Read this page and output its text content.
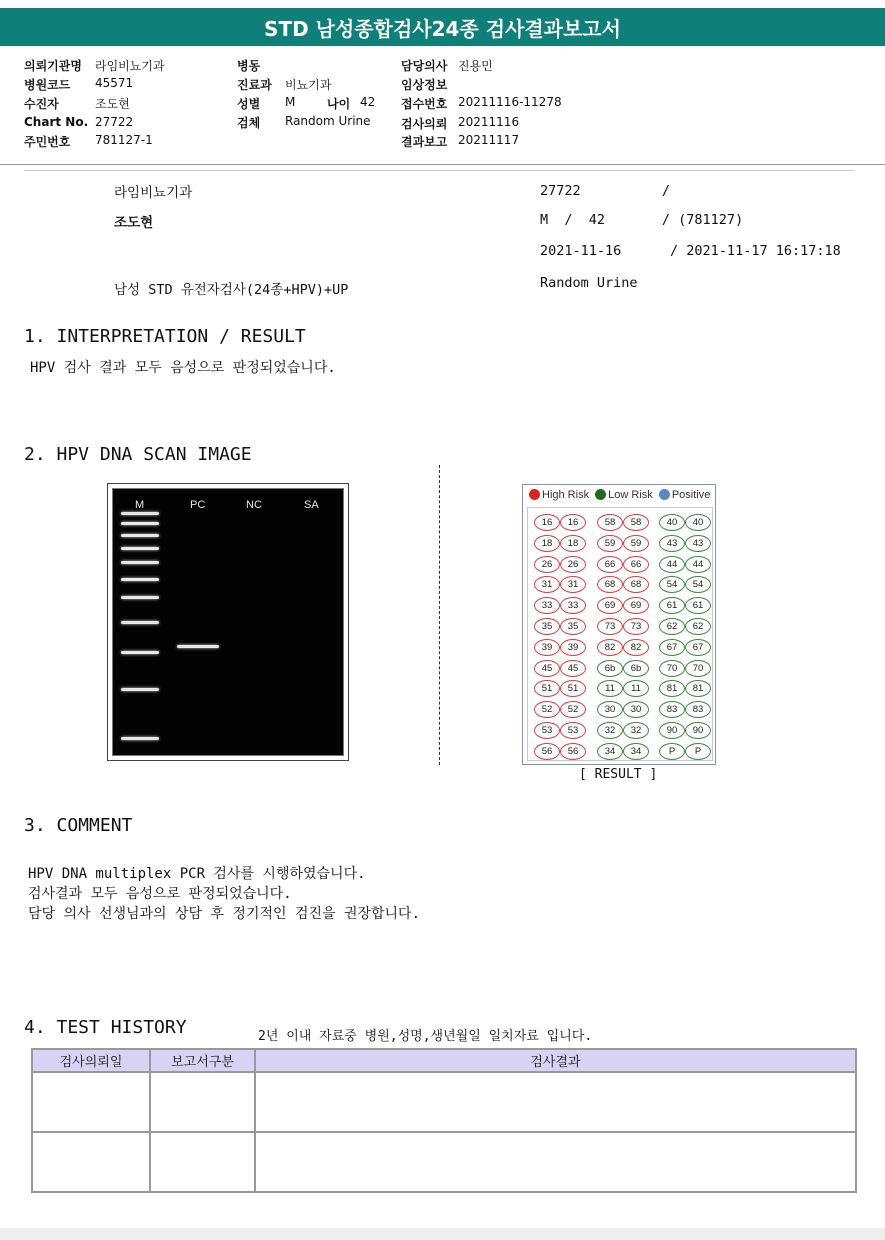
STD 남성종합검사24종 검사결과보고서
의뢰기관명 라임비뇨기과
병원코드 45571
수진자	조도현
Chart No. 27722
주민번호 781127-1
병동
진료과 비뇨기과
성별 M	나이 42
검체 Random Urine
담당의사 진용민
임상정보
접수번호 20211116-11278
검사의뢰 20211116
결과보고 20211117
라임비뇨기과
조도현
남성 STD 유전자검사(24종+HPV)+UP
27722          /
M  /  42       / (781127)
2021-11-16      / 2021-11-17 16:17:18
Random Urine
1. INTERPRETATION / RESULT
HPV 검사 결과 모두 음성으로 판정되었습니다.
2. HPV DNA SCAN IMAGE
M	PC	NC	SA
High Risk Low Risk Positive
16	16
18	18
26	26
31	31
33	33
35	35
39	39
45	45
51	51
52	52
53	53
56	56
58	58
59	59
66	66
68	68
69	69
73	73
82	82
6b	6b
11	11
30	30
32	32
34	34
40	40
43	43
44	44
54	54
61	61
62	62
67	67
70	70
81	81
83	83
90	90
P	P
[ RESULT ]
3. COMMENT
HPV DNA multiplex PCR 검사를 시행하였습니다.
검사결과 모두 음성으로 판정되었습니다.
담당 의사 선생님과의 상담 후 정기적인 검진을 권장합니다.
4. TEST HISTORY	2년 이내 자료중 병원,성명,생년월일 일치자료 입니다.
검사의뢰일	보고서구분	검사결과
